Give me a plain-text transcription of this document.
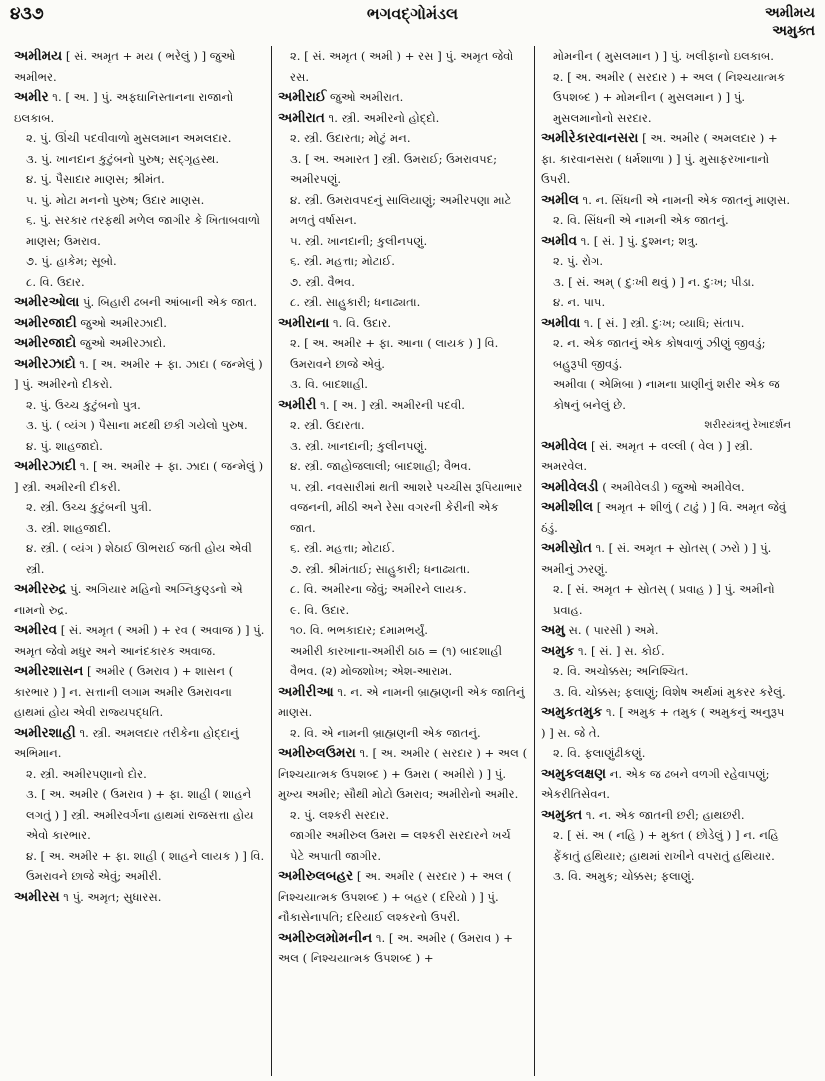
૪૩૭	ભગવદ્ગોમંડલ	અમીમય
અમુક્ત
અમીમય [ સં. અમૃત + મય ( ભરેલું ) ] જુઓ અમીભર.
અમીર ૧. [ અ. ] પું. અફઘાનિસ્તાનના રાજાનો ઇલકાબ.
૨. પું. ઊંચી પદવીવાળો મુસલમાન અમલદાર.
૩. પું. ખાનદાન કુટુંબનો પુરુષ; સદ્ગૃહસ્થ.
૪. પું. પૈસાદાર માણસ; શ્રીમંત.
૫. પું. મોટા મનનો પુરુષ; ઉદાર માણસ.
૬. પું. સરકાર તરફથી મળેલ જાગીર કે ખિતાબવાળો માણસ; ઉમરાવ.
૭. પું. હાકેમ; સૂબો.
૮. વિ. ઉદાર.
અમીરઓલા પું. બિહારી ઢબની આંબાની એક જાત.
અમીરજાદી જુઓ અમીરઝાદી.
અમીરજાદો જુઓ અમીરઝાદો.
અમીરઝાદો ૧. [ અ. અમીર + ફા. ઝાદા ( જન્મેલું ) ] પું. અમીરનો દીકરો.
૨. પું. ઉચ્ચ કુટુંબનો પુત્ર.
૩. પું. ( વ્યંગ ) પૈસાના મદથી છકી ગયેલો પુરુષ.
૪. પું. શાહજાદો.
અમીરઝાદી ૧. [ અ. અમીર + ફા. ઝાદા ( જન્મેલું ) ] સ્ત્રી. અમીરની દીકરી.
૨. સ્ત્રી. ઉચ્ચ કુટુંબની પુત્રી.
૩. સ્ત્રી. શાહજાદી.
૪. સ્ત્રી. ( વ્યંગ ) શેઠાઈ ઊભરાઈ જતી હોય એવી સ્ત્રી.
અમીરરુદ્ર પું. અગિયાર મહિનો અગ્નિકુણ્ડનો એ નામનો રુદ્ર.
અમીરવ [ સં. અમૃત ( અમી ) + રવ ( અવાજ ) ] પું. અમૃત જેવો મધુર અને આનંદકારક અવાજ.
અમીરશાસન [ અમીર ( ઉમરાવ ) + શાસન ( કારભાર ) ] ન. સત્તાની લગામ અમીર ઉમરાવના હાથમાં હોય એવી રાજ્યપદ્ધતિ.
અમીરશાહી ૧. સ્ત્રી. અમલદાર તરીકેના હોદ્દાનું અભિમાન.
૨. સ્ત્રી. અમીરપણાનો દોર.
૩. [ અ. અમીર ( ઉમરાવ ) + ફા. શાહી ( શાહને લગતું ) ] સ્ત્રી. અમીરવર્ગના હાથમાં રાજસત્તા હોય એવો કારભાર.
૪. [ અ. અમીર + ફા. શાહી ( શાહને લાયક ) ] વિ. ઉમરાવને છાજે એવું; અમીરી.
અમીરસ ૧ પું. અમૃત; સુધારસ.
૨. [ સં. અમૃત ( અમી ) + રસ ] પું. અમૃત જેવો રસ.
અમીરાઈ જુઓ અમીરાત.
અમીરાત ૧. સ્ત્રી. અમીરનો હોદ્દો.
૨. સ્ત્રી. ઉદારતા; મોટું મન.
૩. [ અ. અમારત ] સ્ત્રી. ઉમરાઈ; ઉમરાવપદ; અમીરપણું.
૪. સ્ત્રી. ઉમરાવપદનું સાલિયાણું; અમીરપણા માટે મળતું વર્ષાસન.
૫. સ્ત્રી. ખાનદાની; કુલીનપણું.
૬. સ્ત્રી. મહત્તા; મોટાઈ.
૭. સ્ત્રી. વૈભવ.
૮. સ્ત્રી. સાહુકારી; ધનાઢ્યતા.
અમીરાના ૧. વિ. ઉદાર.
૨. [ અ. અમીર + ફા. આના ( લાયક ) ] વિ. ઉમરાવને છાજે એવું.
૩. વિ. બાદશાહી.
અમીરી ૧. [ અ. ] સ્ત્રી. અમીરની પદવી.
૨. સ્ત્રી. ઉદારતા.
૩. સ્ત્રી. ખાનદાની; કુલીનપણું.
૪. સ્ત્રી. જાહોજલાલી; બાદશાહી; વૈભવ.
૫. સ્ત્રી. નવસારીમાં થતી આશરે પચ્ચીસ રૂપિયાભાર વજનની, મીઠી અને રેસા વગરની કેરીની એક જાત.
૬. સ્ત્રી. મહત્તા; મોટાઈ.
૭. સ્ત્રી. શ્રીમંતાઈ; સાહુકારી; ધનાઢ્યતા.
૮. વિ. અમીરના જેવું; અમીરને લાયક.
૯. વિ. ઉદાર.
૧૦. વિ. ભભકાદાર; દમામભર્યું.
અમીરી કારખાના-અમીરી ઠાઠ = (૧) બાદશાહી વૈભવ. (૨) મોજશોખ; એશ-આરામ.
અમીરીઆ ૧. ન. એ નામની બ્રાહ્મણની એક જાતિનું માણસ.
૨. વિ. એ નામની બ્રાહ્મણની એક જાતનું.
અમીરુલઉમરા ૧. [ અ. અમીર ( સરદાર ) + અલ ( નિશ્ચયાત્મક ઉપશબ્દ ) + ઉમરા ( અમીરો ) ] પું. મુખ્ય અમીર; સૌથી મોટો ઉમરાવ; અમીરોનો અમીર.
૨. પું. લશ્કરી સરદાર.
જાગીર અમીરુલ ઉમરા = લશ્કરી સરદારને ખર્ચ પેટે અપાતી જાગીર.
અમીરુલબહર [ અ. અમીર ( સરદાર ) + અલ ( નિશ્ચયાત્મક ઉપશબ્દ ) + બહર ( દરિયો ) ] પું. નૌકાસેનાપતિ; દરિયાઈ લશ્કરનો ઉપરી.
અમીરુલમોમનીન ૧. [ અ. અમીર ( ઉમરાવ ) + અલ ( નિશ્ચયાત્મક ઉપશબ્દ ) +
મોમનીન ( મુસલમાન ) ] પું. ખલીફાનો ઇલકાબ.
૨. [ અ. અમીર ( સરદાર ) + અલ ( નિશ્ચયાત્મક ઉપશબ્દ ) + મોમનીન ( મુસલમાન ) ] પું. મુસલમાનોનો સરદાર.
અમીરેકારવાનસરા [ અ. અમીર ( અમલદાર ) + ફા. કારવાનસરા ( ધર્મશાળા ) ] પું. મુસાફરખાનાનો ઉપરી.
અમીલ ૧. ન. સિંધની એ નામની એક જાતનું માણસ.
૨. વિ. સિંધની એ નામની એક જાતનું.
અમીવ ૧. [ સં. ] પું. દુશ્મન; શત્રુ.
૨. પું. રોગ.
૩. [ સં. અમ્ ( દુઃખી થવું ) ] ન. દુઃખ; પીડા.
૪. ન. પાપ.
અમીવા ૧. [ સં. ] સ્ત્રી. દુઃખ; વ્યાધિ; સંતાપ.
૨. ન. એક જાતનું એક કોષવાળું ઝીણું જીવડું; બહુરૂપી જીવડું.
અમીવા ( એમિબા ) નામના પ્રાણીનું શરીર એક જ કોષનું બનેલું છે.
શરીરયંત્રનું રેખાદર્શન
અમીવેલ [ સં. અમૃત + વલ્લી ( વેલ ) ] સ્ત્રી. અમરવેલ.
અમીવેલડી ( અમીવેલડી ) જુઓ અમીવેલ.
અમીશીલ [ અમૃત + શીળું ( ટાઢું ) ] વિ. અમૃત જેવું ઠંડું.
અમીસ્રોત ૧. [ સં. અમૃત + સ્રોતસ્ ( ઝરો ) ] પું. અમીનું ઝરણું.
૨. [ સં. અમૃત + સ્રોતસ્ ( પ્રવાહ ) ] પું. અમીનો પ્રવાહ.
અમુ સ. ( પારસી ) અમે.
અમુક ૧. [ સં. ] સ. કોઈ.
૨. વિ. અચોક્કસ; અનિશ્ચિત.
૩. વિ. ચોક્કસ; ફલાણું; વિશેષ અર્થમાં મુકરર કરેલું.
અમુકતમુક ૧. [ અમુક + તમુક ( અમુકનું અનુરૂપ ) ] સ. જે તે.
૨. વિ. ફલાણુંઢીકણું.
અમુકલક્ષણ ન. એક જ ઢબને વળગી રહેવાપણું; એકરીતિસેવન.
અમુક્ત ૧. ન. એક જાતની છરી; હાથછરી.
૨. [ સં. અ ( નહિ ) + મુક્ત ( છોડેલું ) ] ન. નહિ ફેંકાતું હથિયાર; હાથમાં રાખીને વપરાતું હથિયાર.
૩. વિ. અમુક; ચોક્કસ; ફલાણું.
